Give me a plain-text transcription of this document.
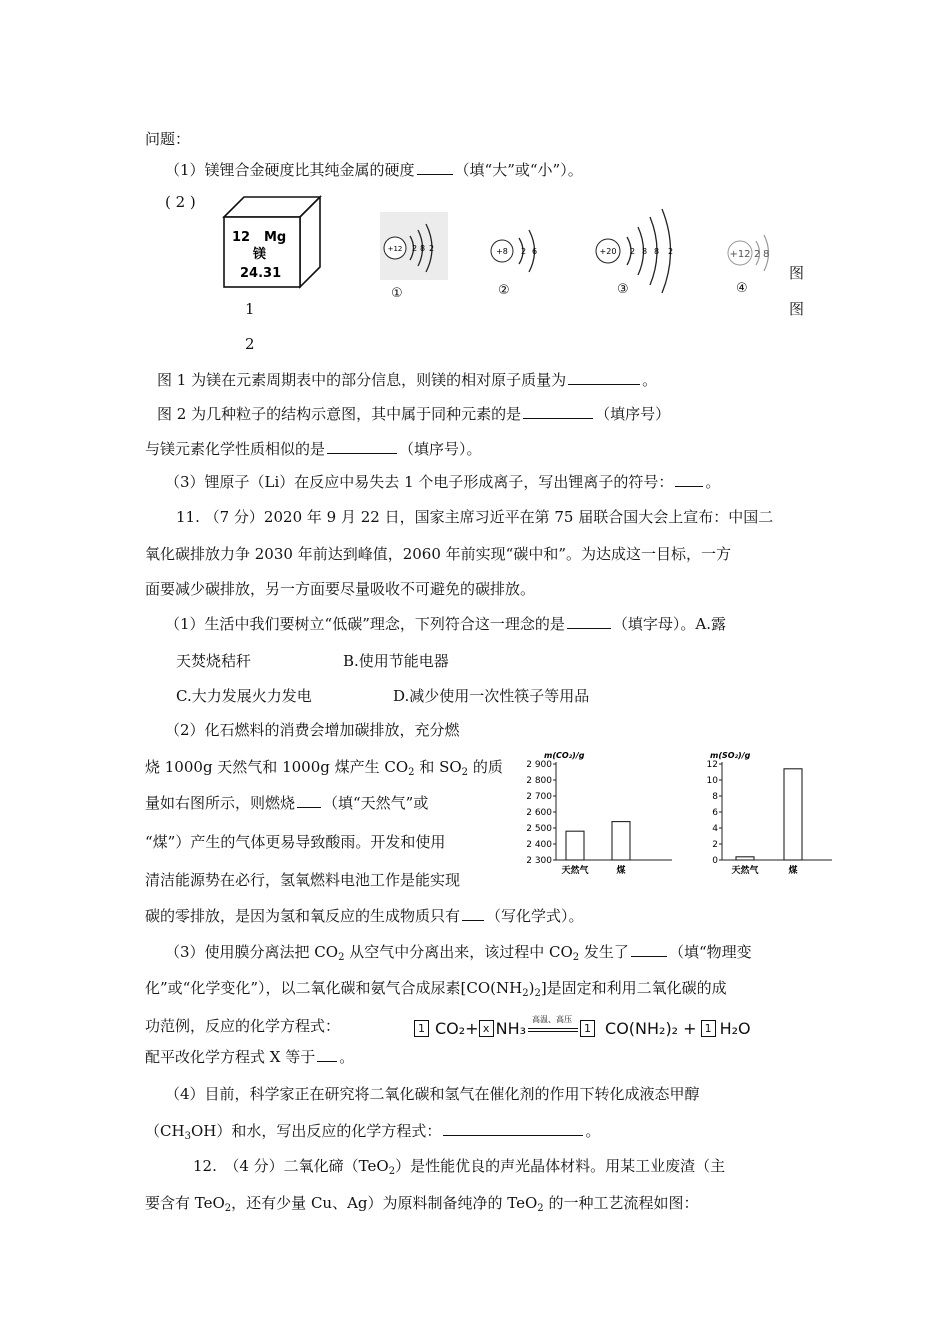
问题：
（1）镁锂合金硬度比其纯金属的硬度	（填“大”或“小”）。
( 2 )
12 Mg
镁
24.31
1
2
+12 2 8 2
①
+8 2 6
②
+20 2 8 8 2
③
+12 2 8
④
图
图
图 1 为镁在元素周期表中的部分信息，则镁的相对原子质量为	。
图 2 为几种粒子的结构示意图，其中属于同种元素的是	（填序号）
与镁元素化学性质相似的是	（填序号）。
（3）锂原子（Li）在反应中易失去 1 个电子形成离子，写出锂离子的符号： 。
11. （7 分）2020 年 9 月 22 日，国家主席习近平在第 75 届联合国大会上宣布：中国二
氧化碳排放力争 2030 年前达到峰值，2060 年前实现“碳中和”。为达成这一目标，一方
面要减少碳排放，另一方面要尽量吸收不可避免的碳排放。
（1）生活中我们要树立“低碳”理念，下列符合这一理念的是	（填字母）。A.露
天焚烧秸秆	B.使用节能电器
C.大力发展火力发电	D.减少使用一次性筷子等用品
（2）化石燃料的消费会增加碳排放，充分燃
烧 1000g 天然气和 1000g 煤产生 $CO_2$ 和 $SO_2$ 的质
量如右图所示，则燃烧 （填“天然气”或
“煤”）产生的气体更易导致酸雨。开发和使用
清洁能源势在必行，氢氧燃料电池工作是能实现
碳的零排放，是因为氢和氧反应的生成物质只有 （写化学式）。
m(CO₂)/g
2 300
2 400
2 500
2 600
2 700
2 800
2 900
天然气	煤
m(SO₂)/g
0
2
4
6
8
10
12
天然气	煤
（3）使用膜分离法把 $CO_2$ 从空气中分离出来，该过程中 $CO_2$ 发生了	（填“物理变
化”或“化学变化”），以二氧化碳和氨气合成尿素$[CO(NH_2)_2]$是固定和利用二氧化碳的成
功范例，反应的化学方程式：	1 CO₂+ x NH₃ 高温、高压
1 CO(NH₂)₂ + 1 H₂O
配平改化学方程式 X 等于 。
（4）目前，科学家正在研究将二氧化碳和氢气在催化剂的作用下转化成液态甲醇
$(CH_3OH)$和水，写出反应的化学方程式：	。
12.　（4 分）二氧化碲（TeO$_2$）是性能优良的声光晶体材料。用某工业废渣（主
要含有 TeO$_2$，还有少量 Cu、Ag）为原料制备纯净的 TeO$_2$ 的一种工艺流程如图：
